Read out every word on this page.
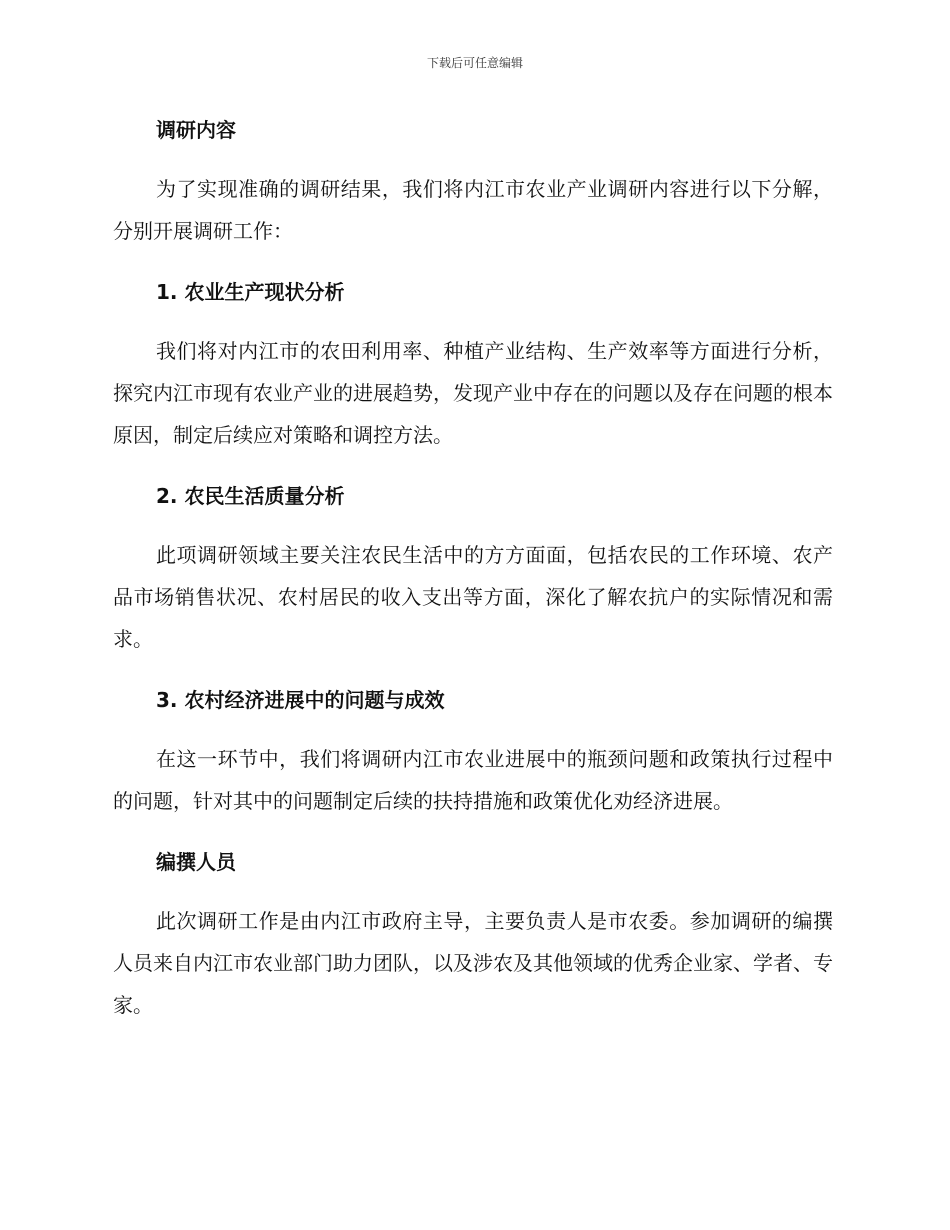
下载后可任意编辑
调研内容

为了实现准确的调研结果，我们将内江市农业产业调研内容进行以下分解，分别开展调研工作：

1. 农业生产现状分析

我们将对内江市的农田利用率、种植产业结构、生产效率等方面进行分析，探究内江市现有农业产业的进展趋势，发现产业中存在的问题以及存在问题的根本原因，制定后续应对策略和调控方法。

2. 农民生活质量分析

此项调研领域主要关注农民生活中的方方面面，包括农民的工作环境、农产品市场销售状况、农村居民的收入支出等方面，深化了解农抗户的实际情况和需求。

3. 农村经济进展中的问题与成效

在这一环节中，我们将调研内江市农业进展中的瓶颈问题和政策执行过程中的问题，针对其中的问题制定后续的扶持措施和政策优化劝经济进展。

编撰人员

此次调研工作是由内江市政府主导，主要负责人是市农委。参加调研的编撰人员来自内江市农业部门助力团队，以及涉农及其他领域的优秀企业家、学者、专家。
